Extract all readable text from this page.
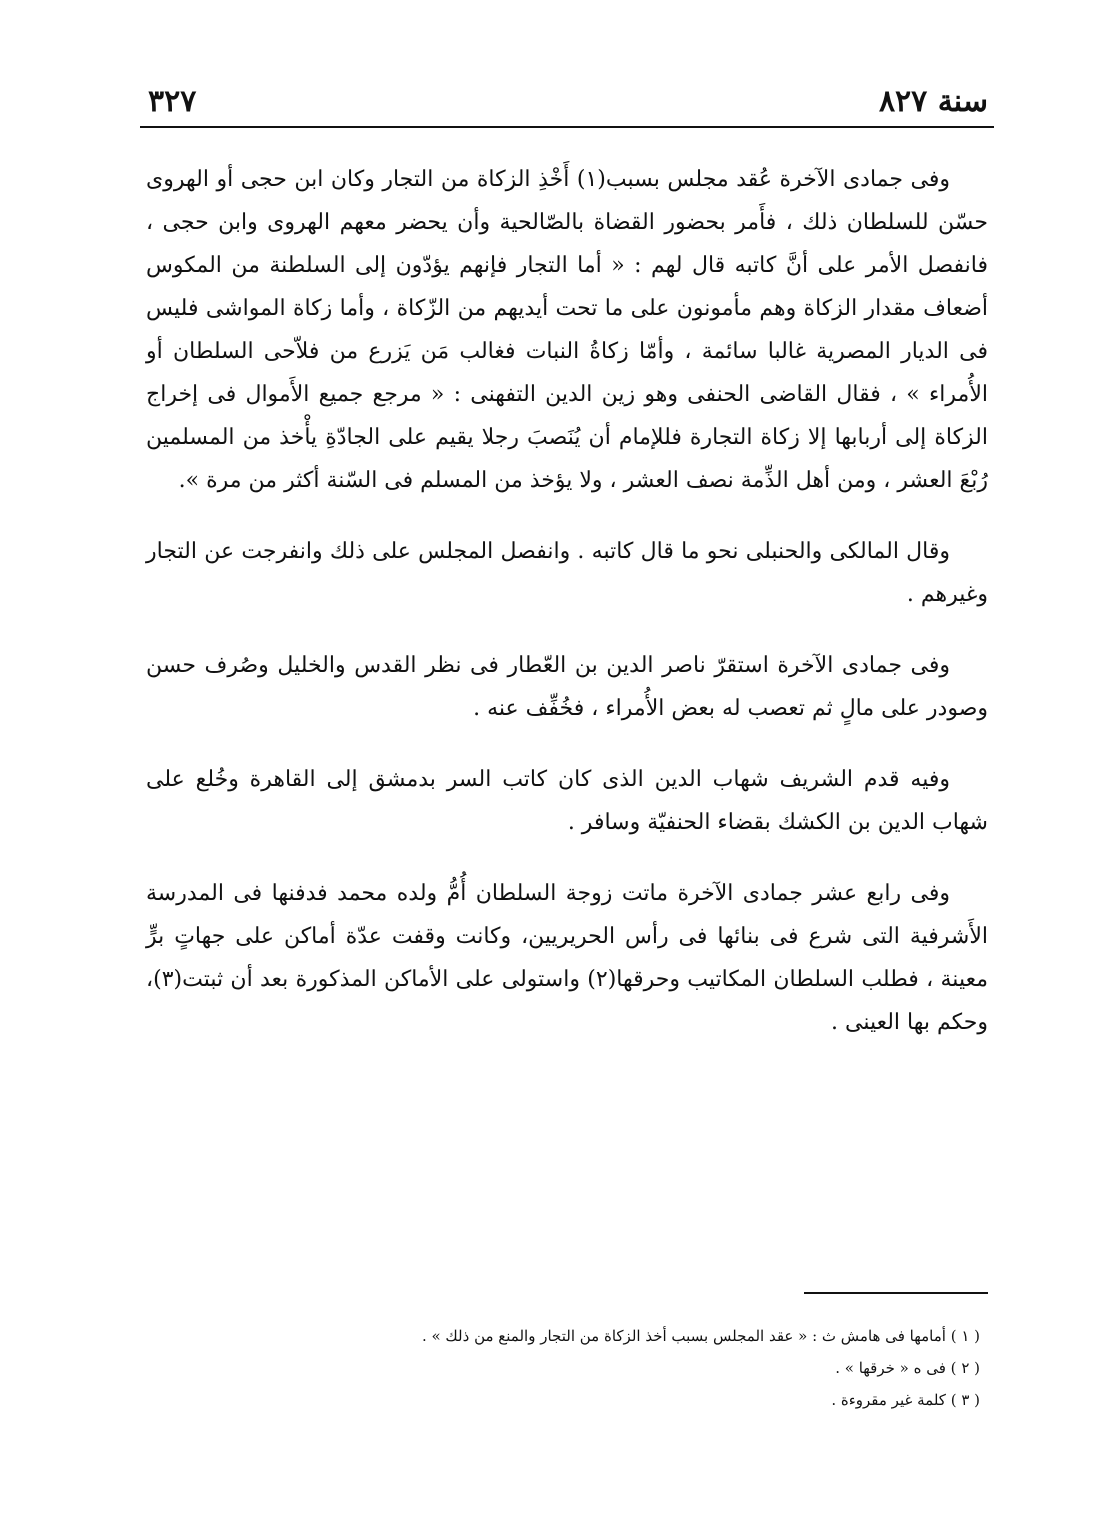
سنة ٨٢٧
٣٢٧

وفى جمادى الآخرة عُقد مجلس بسبب(١) أَخْذِ الزكاة من التجار وكان ابن حجى أو الهروى حسّن للسلطان ذلك ، فأَمر بحضور القضاة بالصّالحية وأن يحضر معهم الهروى وابن حجى ، فانفصل الأمر على أنَّ كاتبه قال لهم : « أما التجار فإنهم يؤدّون إلى السلطنة من المكوس أضعاف مقدار الزكاة وهم مأمونون على ما تحت أيديهم من الزّكاة ، وأما زكاة المواشى فليس فى الديار المصرية غالبا سائمة ، وأمّا زكاةُ النبات فغالب مَن يَزرع من فلاّحى السلطان أو الأُمراء » ، فقال القاضى الحنفى وهو زين الدين التفهنى : « مرجع جميع الأَموال فى إخراج الزكاة إلى أربابها إلا زكاة التجارة فللإمام أن يُنَصبَ رجلا يقيم على الجادّةِ يأْخذ من المسلمين رُبْعَ العشر ، ومن أهل الذِّمة نصف العشر ، ولا يؤخذ من المسلم فى السّنة أكثر من مرة ».

وقال المالكى والحنبلى نحو ما قال كاتبه . وانفصل المجلس على ذلك وانفرجت عن التجار وغيرهم .

وفى جمادى الآخرة استقرّ ناصر الدين بن العّطار فى نظر القدس والخليل وصُرف حسن وصودر على مالٍ ثم تعصب له بعض الأُمراء ، فخُفِّف عنه .

وفيه قدم الشريف شهاب الدين الذى كان كاتب السر بدمشق إلى القاهرة وخُلع على شهاب الدين بن الكشك بقضاء الحنفيّة وسافر .

وفى رابع عشر جمادى الآخرة ماتت زوجة السلطان أُمُّ ولده محمد فدفنها فى المدرسة الأَشرفية التى شرع فى بنائها فى رأس الحريريين، وكانت وقفت عدّة أماكن على جهاتٍ برٍّ معينة ، فطلب السلطان المكاتيب وحرقها(٢) واستولى على الأماكن المذكورة بعد أن ثبتت(٣)، وحكم بها العينى .

( ١ ) أمامها فى هامش ث : « عقد المجلس بسبب أخذ الزكاة من التجار والمنع من ذلك » .

( ٢ ) فى ه « خرقها » .

( ٣ ) كلمة غير مقروءة .
